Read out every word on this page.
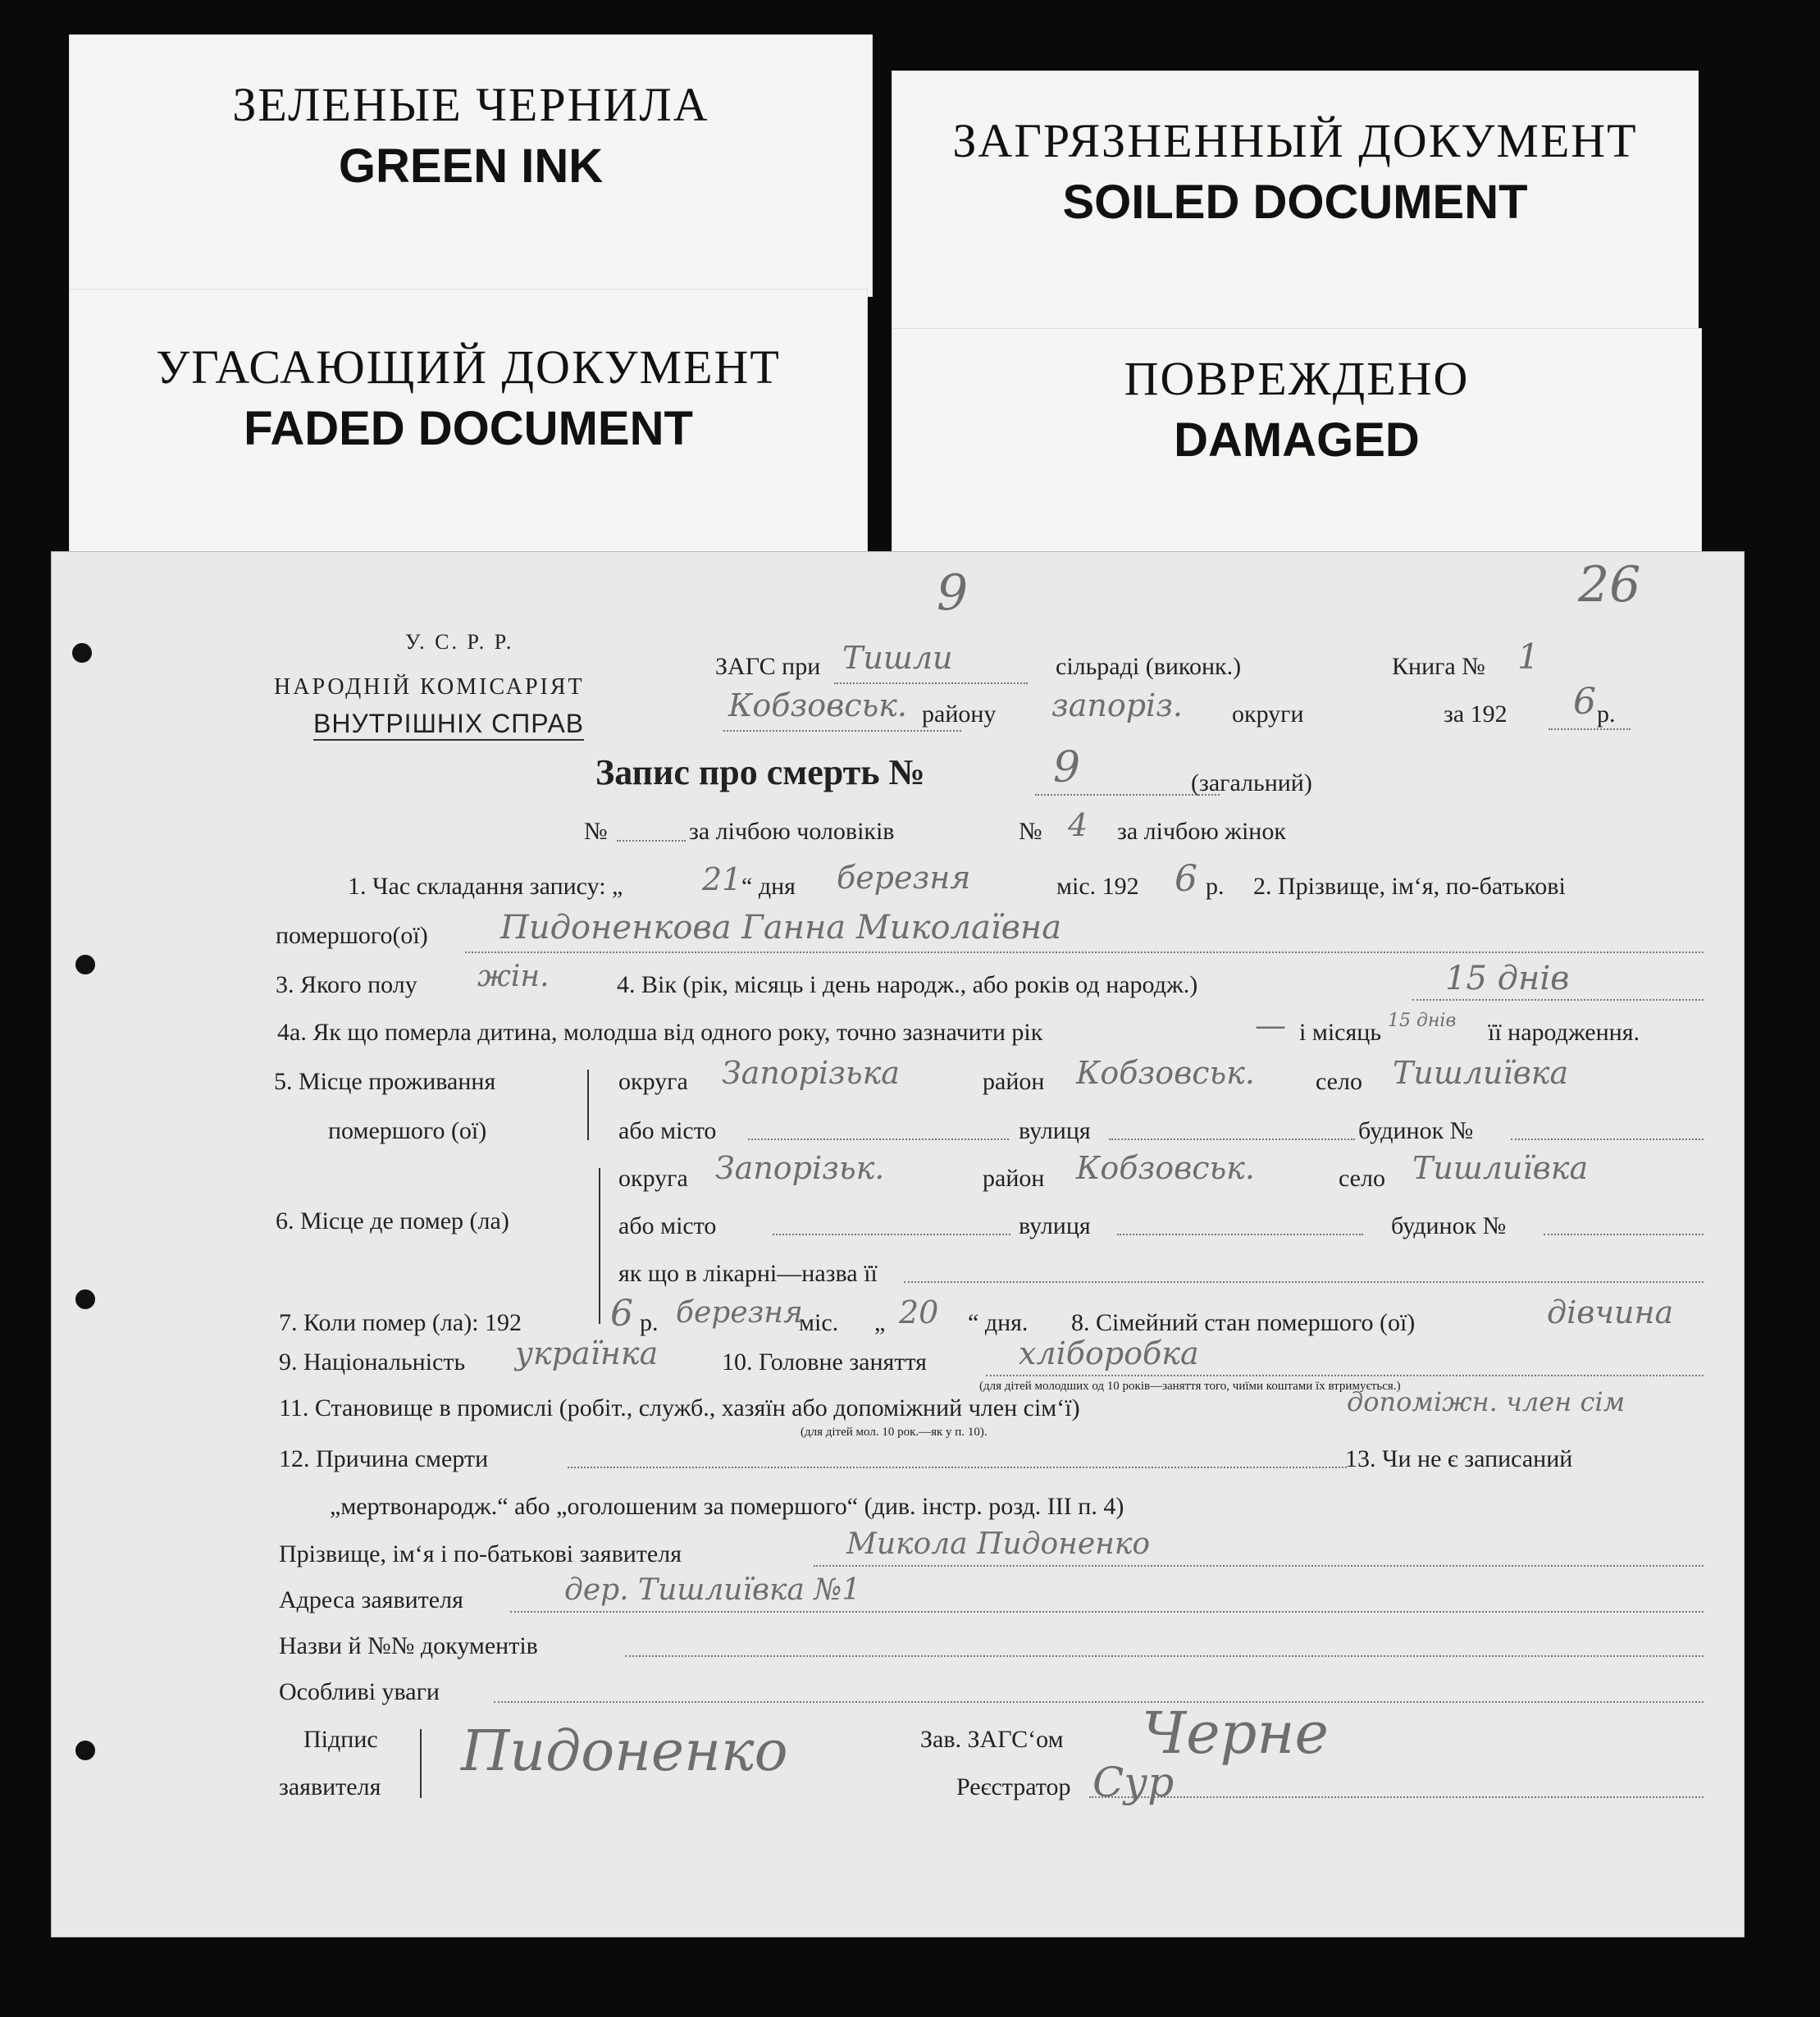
ЗЕЛЕНЫЕ ЧЕРНИЛА
GREEN INK	ЗАГРЯЗНЕННЫЙ ДОКУМЕНТ
SOILED DOCUMENT
УГАСАЮЩИЙ ДОКУМЕНТ
FADED DOCUMENT
ПОВРЕЖДЕНО
DAMAGED
9	26
У. С. Р. Р.
НАРОДНІЙ КОМІСАРІЯТ
ВНУТРІШНІХ СПРАВ
ЗАГС при Тишли	сільраді (виконк.)	Книга № 1
Кобзовськ. району запоріз. округи	за 192 6 р.
Запис про смерть №	9	(загальний)
№	за лічбою чоловіків	№ 4 за лічбою жінок
1. Час складання запису: „	21 “ дня березня	міс. 192 6 р. 2. Прізвище, ім‘я, по-батькові
помершого(ої) Пидоненкова Ганна Миколаївна
3. Якого полу жін.	4. Вік (рік, місяць і день народж., або років од народж.)	15 днів
4а. Як що померла дитина, молодша від одного року, точно зазначити рік	— і місяць 15 днів її народження.
5. Місце проживання
помершого (ої)
округа Запорізька	район Кобзовськ. село Тишлиївка
або місто	вулиця	будинок №
6. Місце де помер (ла)
округа Запорізьк.	район Кобзовськ.	село Тишлиївка
або місто	вулиця	будинок №
як що в лікарні—назва її
7. Коли помер (ла): 192 6 р. березня
міс. „ 20 “ дня. 8. Сімейний стан помершого (ої)	дівчина
9. Національність українка	10. Головне заняття	хліборобка
(для дітей молодших од 10 років—заняття того, чиїми коштами їх втримується.)
11. Становище в промислі (робіт., служб., хазяїн або допоміжний член сім‘ї)	допоміжн. член сім
(для дітей мол. 10 рок.—як у п. 10).
12. Причина смерти	13. Чи не є записаний
„мертвонародж.“ або „оголошеним за помершого“ (див. інстр. розд. III п. 4)
Прізвище, ім‘я і по-батькові заявителя	Микола Пидоненко
Адреса заявителя	дер. Тишлиївка №1
Назви й №№ документів
Особливі уваги
Підпис
заявителя
Пидоненко	Зав. ЗАГС‘ом Черне
Реєстратор Сур
